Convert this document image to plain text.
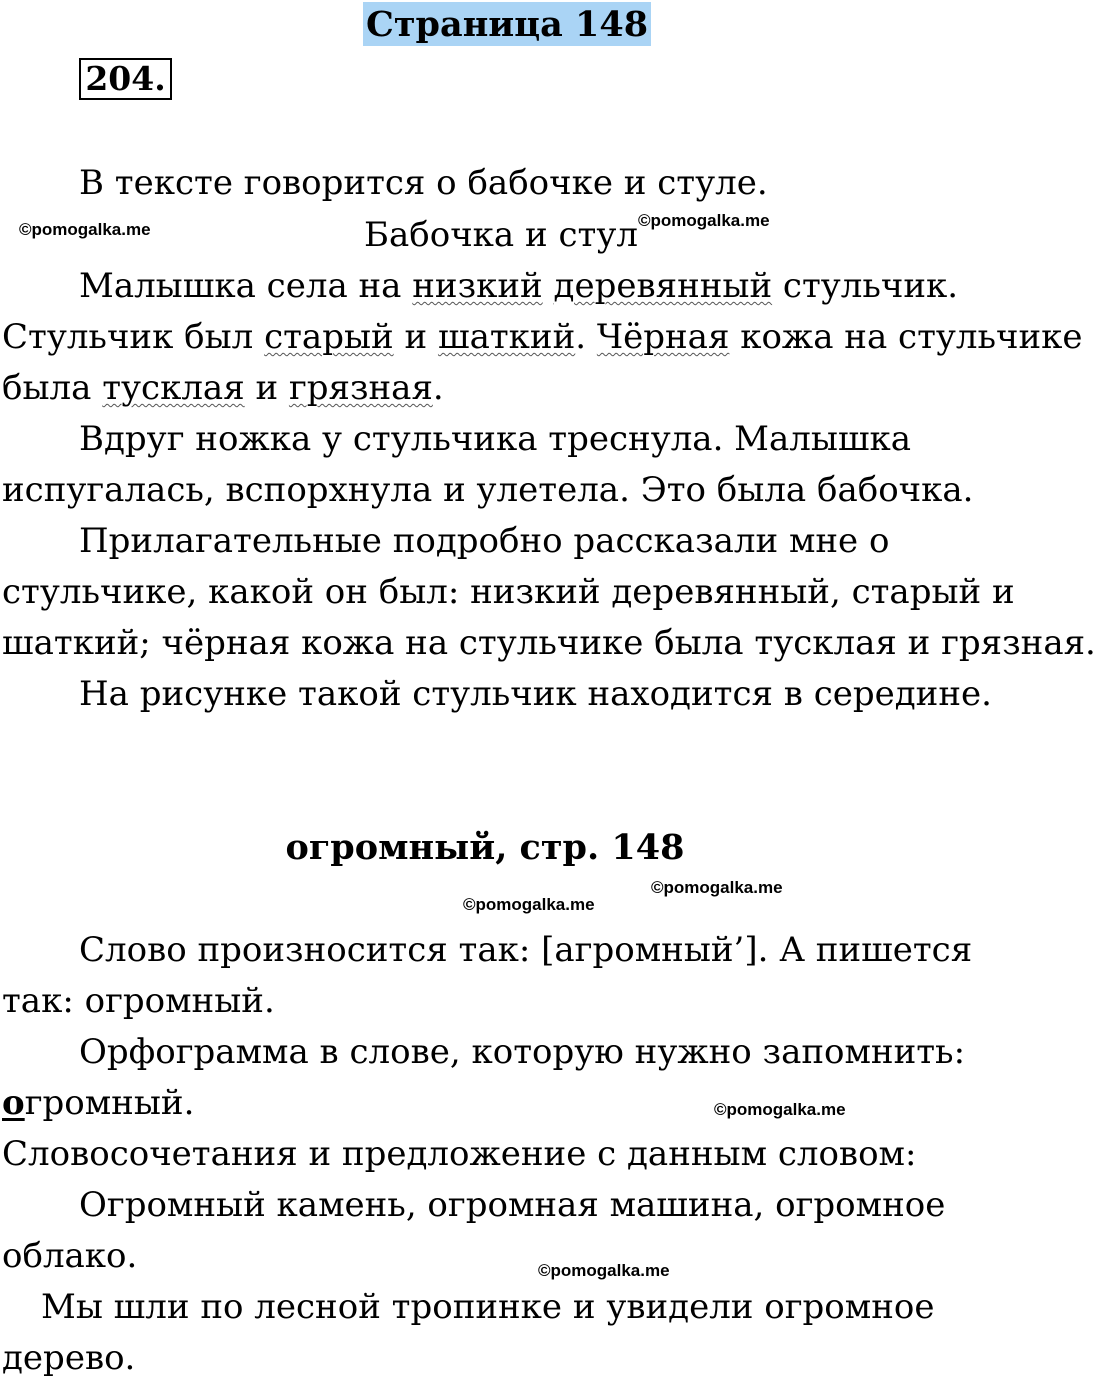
Страница 148
204.
В тексте говорится о бабочке и стуле.
©pomogalka.me	Бабочка и стул ©pomogalka.me
Малышка села на низкий деревянный стульчик.
Стульчик был старый и шаткий. Чёрная кожа на стульчике
была тусклая и грязная.
Вдруг ножка у стульчика треснула. Малышка
испугалась, вспорхнула и улетела. Это была бабочка.
Прилагательные подробно рассказали мне о
стульчике, какой он был: низкий деревянный, старый и
шаткий; чёрная кожа на стульчике была тусклая и грязная.
На рисунке такой стульчик находится в середине.
огромный, стр. 148
©pomogalka.me
©pomogalka.me
Слово произносится так: [агромный’]. А пишется
так: огромный.
Орфограмма в слове, которую нужно запомнить:
огромный.	©pomogalka.me
Словосочетания и предложение с данным словом:
Огромный камень, огромная машина, огромное
облако.	©pomogalka.me
Мы шли по лесной тропинке и увидели огромное
дерево.
